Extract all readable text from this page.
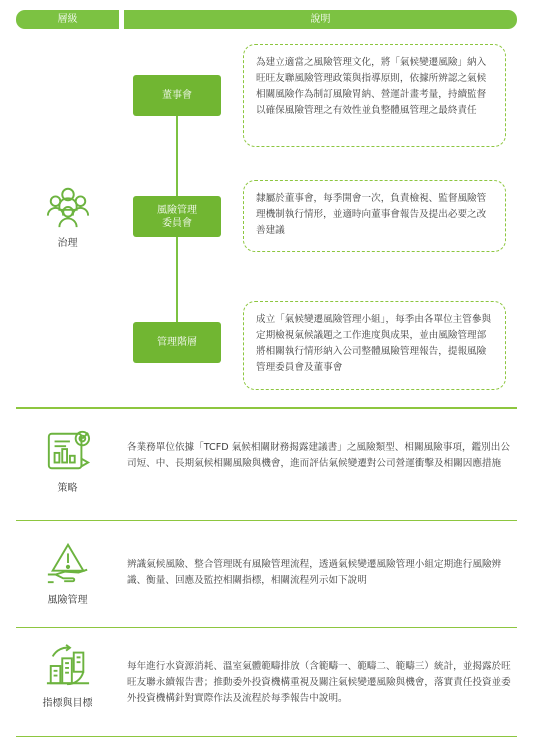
層級	說明
治理
董事會
風險管理
委員會
管理階層
為建立適當之風險管理文化，將「氣候變遷風險」納入旺旺友聯風險管理政策與指導原則，依據所辨認之氣候相關風險作為制訂風險胃納、營運計畫考量，持續監督以確保風險管理之有效性並負整體風管理之最終責任
隸屬於董事會，每季開會一次，負責檢視、監督風險管理機制執行情形，並適時向董事會報告及提出必要之改善建議
成立「氣候變遷風險管理小組」，每季由各單位主管參與定期檢視氣候議題之工作進度與成果，並由風險管理部將相關執行情形納入公司整體風險管理報告，提報風險管理委員會及董事會
策略
各業務單位依據「TCFD 氣候相關財務揭露建議書」之風險類型、相關風險事項，鑑別出公司短、中、長期氣候相關風險與機會，進而評估氣候變遷對公司營運衝擊及相關因應措施
風險管理
辨識氣候風險、整合管理既有風險管理流程，透過氣候變遷風險管理小組定期進行風險辨識、衡量、回應及監控相關指標，相關流程列示如下說明
指標與目標
每年進行水資源消耗、溫室氣體範疇排放（含範疇一、範疇二、範疇三）統計，並揭露於旺旺友聯永續報告書；推動委外投資機構重視及關注氣候變遷風險與機會，落實責任投資並委外投資機構針對實際作法及流程於每季報告中說明。
